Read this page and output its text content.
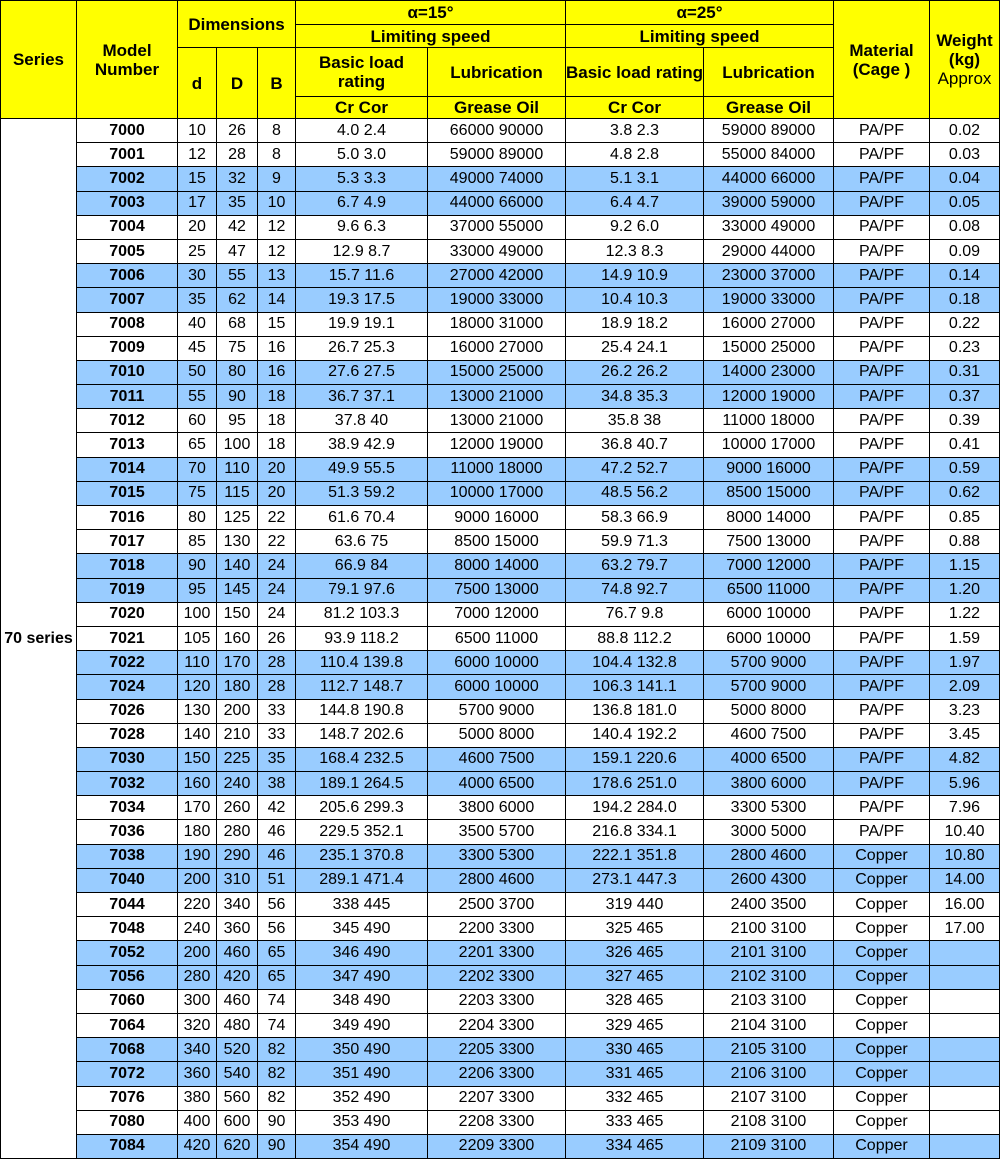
Series	Model Number	Dimensions			α=15°		α=25°		Material (Cage )	Weight (kg)
Approx
					Limiting speed		Limiting speed			
		d	D	B	Basic load rating	Lubrication	Basic load rating	Lubrication		
					Cr Cor	Grease Oil	Cr Cor	Grease Oil		
70 series	7000	10	26	8	4.0 2.4	66000 90000	3.8 2.3	59000 89000	PA/PF	0.02
	7001	12	28	8	5.0 3.0	59000 89000	4.8 2.8	55000 84000	PA/PF	0.03
	7002	15	32	9	5.3 3.3	49000 74000	5.1 3.1	44000 66000	PA/PF	0.04
	7003	17	35	10	6.7 4.9	44000 66000	6.4 4.7	39000 59000	PA/PF	0.05
	7004	20	42	12	9.6 6.3	37000 55000	9.2 6.0	33000 49000	PA/PF	0.08
	7005	25	47	12	12.9 8.7	33000 49000	12.3 8.3	29000 44000	PA/PF	0.09
	7006	30	55	13	15.7 11.6	27000 42000	14.9 10.9	23000 37000	PA/PF	0.14
	7007	35	62	14	19.3 17.5	19000 33000	10.4 10.3	19000 33000	PA/PF	0.18
	7008	40	68	15	19.9 19.1	18000 31000	18.9 18.2	16000 27000	PA/PF	0.22
	7009	45	75	16	26.7 25.3	16000 27000	25.4 24.1	15000 25000	PA/PF	0.23
	7010	50	80	16	27.6 27.5	15000 25000	26.2 26.2	14000 23000	PA/PF	0.31
	7011	55	90	18	36.7 37.1	13000 21000	34.8 35.3	12000 19000	PA/PF	0.37
	7012	60	95	18	37.8 40	13000 21000	35.8 38	11000 18000	PA/PF	0.39
	7013	65	100	18	38.9 42.9	12000 19000	36.8 40.7	10000 17000	PA/PF	0.41
	7014	70	110	20	49.9 55.5	11000 18000	47.2 52.7	9000 16000	PA/PF	0.59
	7015	75	115	20	51.3 59.2	10000 17000	48.5 56.2	8500 15000	PA/PF	0.62
	7016	80	125	22	61.6 70.4	9000 16000	58.3 66.9	8000 14000	PA/PF	0.85
	7017	85	130	22	63.6 75	8500 15000	59.9 71.3	7500 13000	PA/PF	0.88
	7018	90	140	24	66.9 84	8000 14000	63.2 79.7	7000 12000	PA/PF	1.15
	7019	95	145	24	79.1 97.6	7500 13000	74.8 92.7	6500 11000	PA/PF	1.20
	7020	100	150	24	81.2 103.3	7000 12000	76.7 9.8	6000 10000	PA/PF	1.22
	7021	105	160	26	93.9 118.2	6500 11000	88.8 112.2	6000 10000	PA/PF	1.59
	7022	110	170	28	110.4 139.8	6000 10000	104.4 132.8	5700 9000	PA/PF	1.97
	7024	120	180	28	112.7 148.7	6000 10000	106.3 141.1	5700 9000	PA/PF	2.09
	7026	130	200	33	144.8 190.8	5700 9000	136.8 181.0	5000 8000	PA/PF	3.23
	7028	140	210	33	148.7 202.6	5000 8000	140.4 192.2	4600 7500	PA/PF	3.45
	7030	150	225	35	168.4 232.5	4600 7500	159.1 220.6	4000 6500	PA/PF	4.82
	7032	160	240	38	189.1 264.5	4000 6500	178.6 251.0	3800 6000	PA/PF	5.96
	7034	170	260	42	205.6 299.3	3800 6000	194.2 284.0	3300 5300	PA/PF	7.96
	7036	180	280	46	229.5 352.1	3500 5700	216.8 334.1	3000 5000	PA/PF	10.40
	7038	190	290	46	235.1 370.8	3300 5300	222.1 351.8	2800 4600	Copper	10.80
	7040	200	310	51	289.1 471.4	2800 4600	273.1 447.3	2600 4300	Copper	14.00
	7044	220	340	56	338 445	2500 3700	319 440	2400 3500	Copper	16.00
	7048	240	360	56	345 490	2200 3300	325 465	2100 3100	Copper	17.00
	7052	200	460	65	346 490	2201 3300	326 465	2101 3100	Copper	
	7056	280	420	65	347 490	2202 3300	327 465	2102 3100	Copper	
	7060	300	460	74	348 490	2203 3300	328 465	2103 3100	Copper	
	7064	320	480	74	349 490	2204 3300	329 465	2104 3100	Copper	
	7068	340	520	82	350 490	2205 3300	330 465	2105 3100	Copper	
	7072	360	540	82	351 490	2206 3300	331 465	2106 3100	Copper	
	7076	380	560	82	352 490	2207 3300	332 465	2107 3100	Copper	
	7080	400	600	90	353 490	2208 3300	333 465	2108 3100	Copper	
	7084	420	620	90	354 490	2209 3300	334 465	2109 3100	Copper	
